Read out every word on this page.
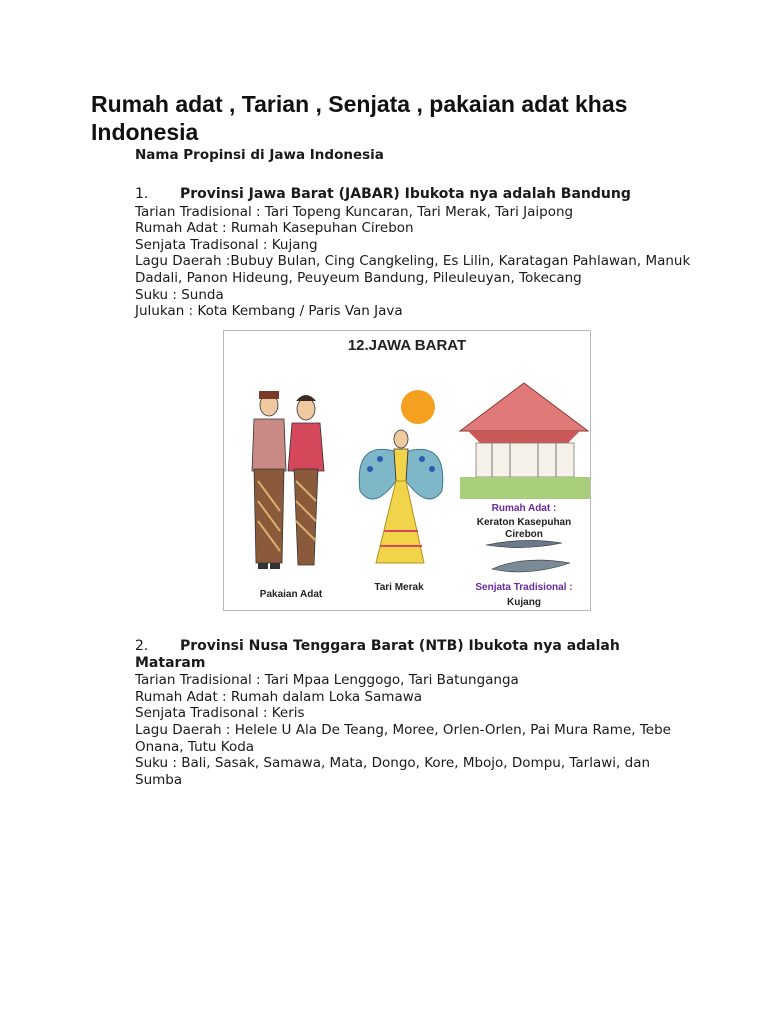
Rumah adat , Tarian , Senjata , pakaian adat khas Indonesia

Nama Propinsi di Jawa Indonesia

1. Provinsi Jawa Barat (JABAR) Ibukota nya adalah Bandung

Tarian Tradisional : Tari Topeng Kuncaran, Tari Merak, Tari Jaipong

Rumah Adat : Rumah Kasepuhan Cirebon

Senjata Tradisonal : Kujang

Lagu Daerah :Bubuy Bulan, Cing Cangkeling, Es Lilin, Karatagan Pahlawan, Manuk Dadali, Panon Hideung, Peuyeum Bandung, Pileuleuyan, Tokecang

Suku : Sunda

Julukan : Kota Kembang / Paris Van Java

12.JAWA BARAT
Pakaian Adat
Tari Merak
Rumah Adat :
Keraton Kasepuhan Cirebon
Senjata Tradisional :
Kujang

2. Provinsi Nusa Tenggara Barat (NTB) Ibukota nya adalah Mataram

Tarian Tradisional : Tari Mpaa Lenggogo, Tari Batunganga

Rumah Adat : Rumah dalam Loka Samawa

Senjata Tradisonal : Keris

Lagu Daerah : Helele U Ala De Teang, Moree, Orlen-Orlen, Pai Mura Rame, Tebe Onana, Tutu Koda

Suku : Bali, Sasak, Samawa, Mata, Dongo, Kore, Mbojo, Dompu, Tarlawi, dan Sumba
